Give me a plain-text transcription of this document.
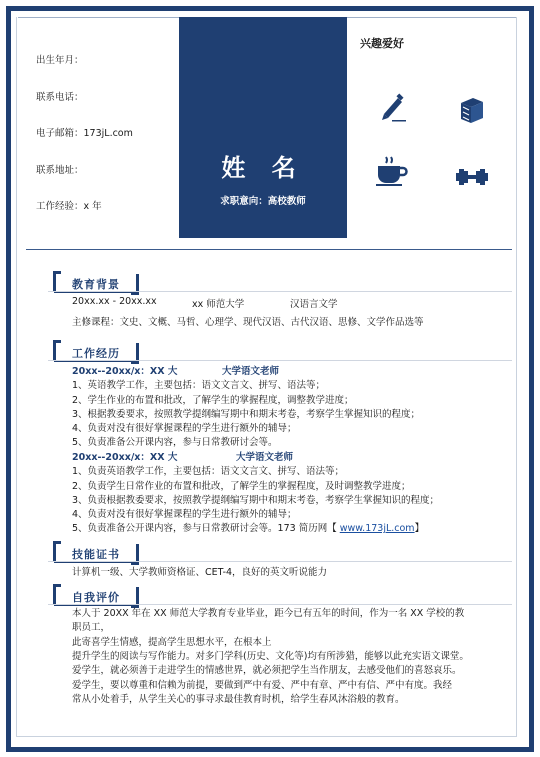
出生年月：
联系电话：
电子邮箱：173jL.com
联系地址：
工作经验：x 年
姓 名
求职意向：高校教师
兴趣爱好
教育背景
20xx.xx - 20xx.xx	xx 师范大学	汉语言文学
主修课程：文史、文概、马哲、心理学、现代汉语、古代汉语、思修、文学作品选等
工作经历
20xx--20xx/x：XX 大	大学语文老师
1、英语教学工作，主要包括：语文文言文、拼写、语法等；
2、学生作业的布置和批改，了解学生的掌握程度，调整教学进度；
3、根据教委要求，按照教学提纲编写期中和期末考卷，考察学生掌握知识的程度；
4、负责对没有很好掌握课程的学生进行额外的辅导；
5、负责准备公开课内容，参与日常教研讨会等。
20xx--20xx/x：XX 大	大学语文老师
1、负责英语教学工作，主要包括：语文文言文、拼写、语法等；
2、负责学生日常作业的布置和批改，了解学生的掌握程度，及时调整教学进度；
3、负责根据教委要求，按照教学提纲编写期中和期末考卷，考察学生掌握知识的程度；
4、负责对没有很好掌握课程的学生进行额外的辅导；
5、负责准备公开课内容，参与日常教研讨会等。173 简历网【 www.173jL.com】
技能证书
计算机一级、大学教师资格证、CET-4，良好的英文听说能力
自我评价
本人于 20XX 年在 XX 师范大学教育专业毕业，距今已有五年的时间，作为一名 XX 学校的教
职员工，
此寄喜学生情感，提高学生思想水平，在根本上
提升学生的阅读与写作能力。对多门学科(历史、文化等)均有所涉猎，能够以此充实语文课堂。
爱学生，就必须善于走进学生的情感世界，就必须把学生当作朋友，去感受他们的喜怒哀乐。
爱学生，要以尊重和信赖为前提，要做到严中有爱、严中有章、严中有信、严中有度。我经
常从小处着手，从学生关心的事寻求最佳教育时机，给学生春风沐浴般的教育。
